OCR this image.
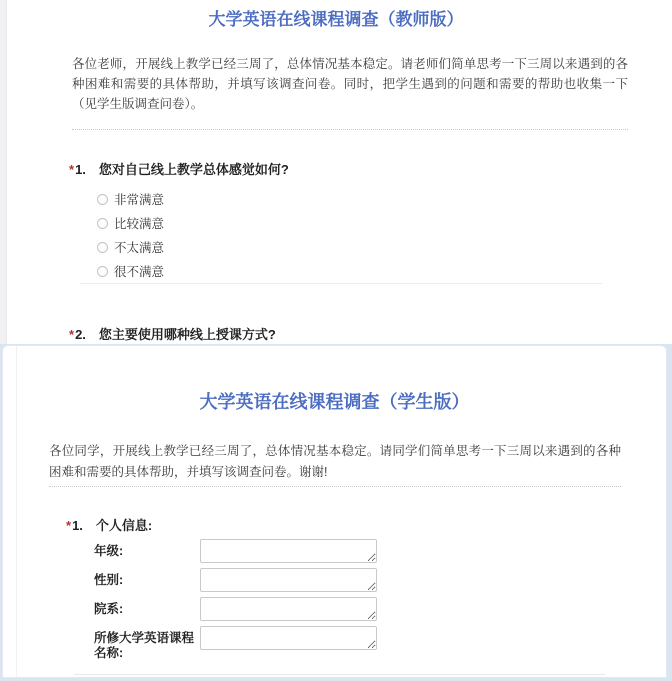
大学英语在线课程调查（教师版）

各位老师，开展线上教学已经三周了，总体情况基本稳定。请老师们简单思考一下三周以来遇到的各种困难和需要的具体帮助，并填写该调查问卷。同时，把学生遇到的问题和需要的帮助也收集一下（见学生版调查问卷）。

*1. 您对自己线上教学总体感觉如何?
非常满意
比较满意
不太满意
很不满意
*2. 您主要使用哪种线上授课方式?
大学英语在线课程调查（学生版）

各位同学，开展线上教学已经三周了，总体情况基本稳定。请同学们简单思考一下三周以来遇到的各种困难和需要的具体帮助，并填写该调查问卷。谢谢!

*1. 个人信息:
年级:
性别:
院系:
所修大学英语课程名称:
